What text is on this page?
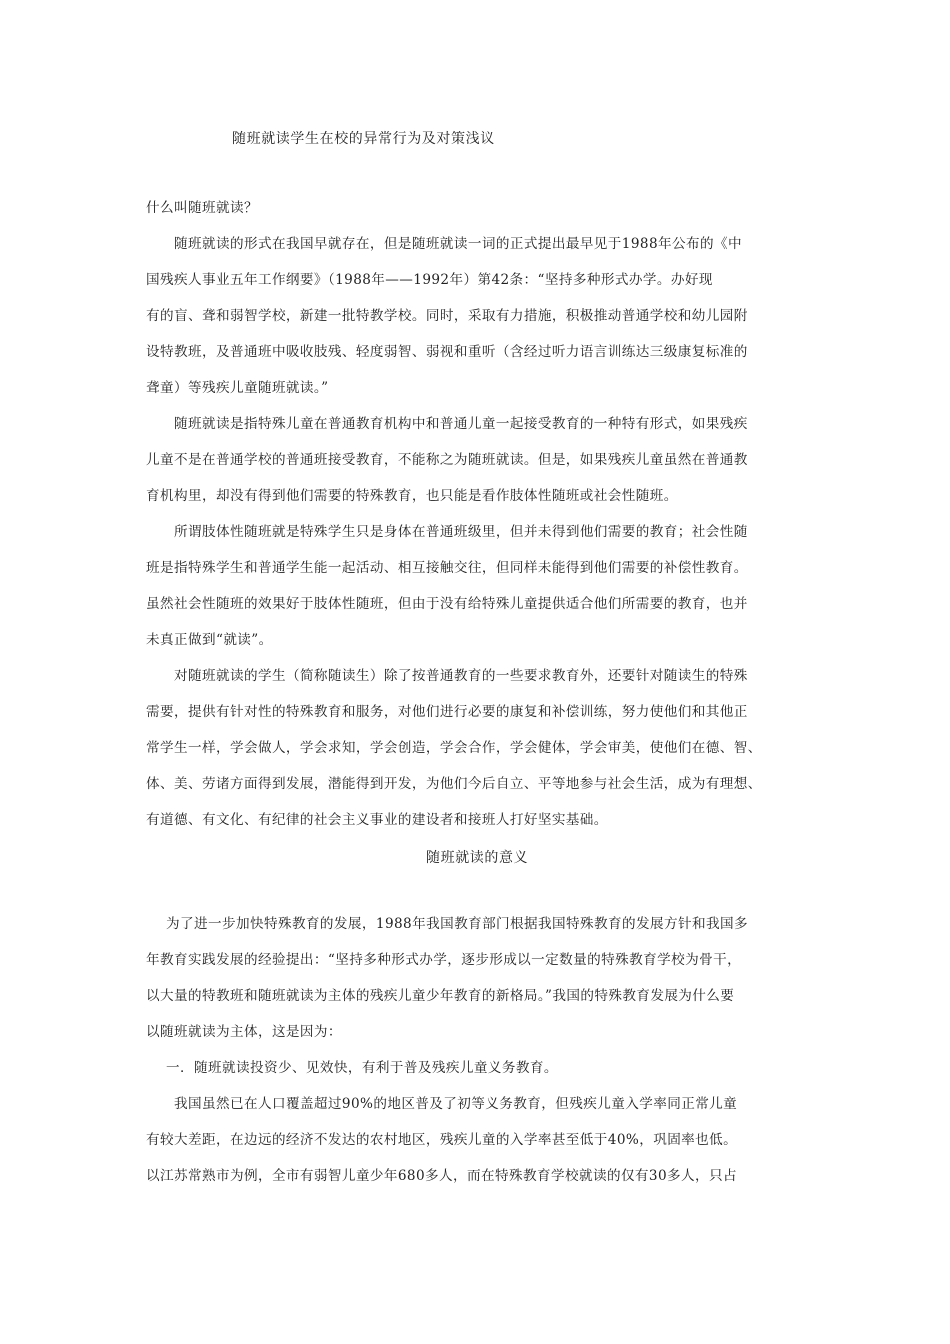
随班就读学生在校的异常行为及对策浅议
什么叫随班就读？
随班就读的形式在我国早就存在，但是随班就读一词的正式提出最早见于1988年公布的《中
国残疾人事业五年工作纲要》（1988年——1992年）第42条：“坚持多种形式办学。办好现
有的盲、聋和弱智学校，新建一批特教学校。同时，采取有力措施，积极推动普通学校和幼儿园附
设特教班，及普通班中吸收肢残、轻度弱智、弱视和重听（含经过听力语言训练达三级康复标准的
聋童）等残疾儿童随班就读。”
随班就读是指特殊儿童在普通教育机构中和普通儿童一起接受教育的一种特有形式，如果残疾
儿童不是在普通学校的普通班接受教育，不能称之为随班就读。但是，如果残疾儿童虽然在普通教
育机构里，却没有得到他们需要的特殊教育，也只能是看作肢体性随班或社会性随班。
所谓肢体性随班就是特殊学生只是身体在普通班级里，但并未得到他们需要的教育；社会性随
班是指特殊学生和普通学生能一起活动、相互接触交往，但同样未能得到他们需要的补偿性教育。
虽然社会性随班的效果好于肢体性随班，但由于没有给特殊儿童提供适合他们所需要的教育，也并
未真正做到“就读”。
对随班就读的学生（简称随读生）除了按普通教育的一些要求教育外，还要针对随读生的特殊
需要，提供有针对性的特殊教育和服务，对他们进行必要的康复和补偿训练，努力使他们和其他正
常学生一样，学会做人，学会求知，学会创造，学会合作，学会健体，学会审美，使他们在德、智、
体、美、劳诸方面得到发展，潜能得到开发，为他们今后自立、平等地参与社会生活，成为有理想、
有道德、有文化、有纪律的社会主义事业的建设者和接班人打好坚实基础。
随班就读的意义
为了进一步加快特殊教育的发展，1988年我国教育部门根据我国特殊教育的发展方针和我国多
年教育实践发展的经验提出：“坚持多种形式办学，逐步形成以一定数量的特殊教育学校为骨干，
以大量的特教班和随班就读为主体的残疾儿童少年教育的新格局。”我国的特殊教育发展为什么要
以随班就读为主体，这是因为：
一．随班就读投资少、见效快，有利于普及残疾儿童义务教育。
我国虽然已在人口覆盖超过90%的地区普及了初等义务教育，但残疾儿童入学率同正常儿童
有较大差距，在边远的经济不发达的农村地区，残疾儿童的入学率甚至低于40%，巩固率也低。
以江苏常熟市为例，全市有弱智儿童少年680多人，而在特殊教育学校就读的仅有30多人，只占
